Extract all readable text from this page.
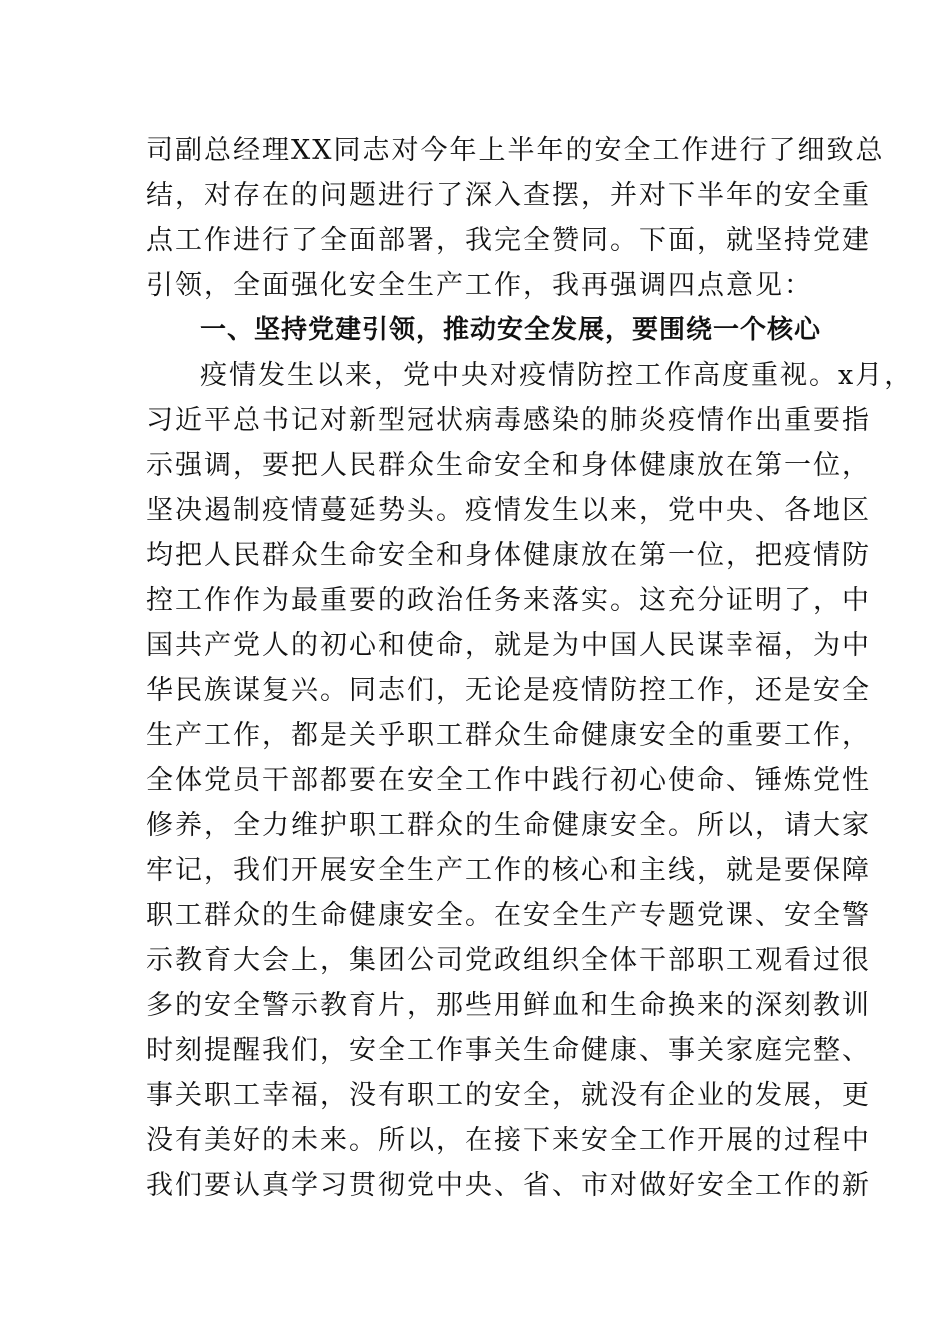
司副总经理XX同志对今年上半年的安全工作进行了细致总
结，对存在的问题进行了深入查摆，并对下半年的安全重
点工作进行了全面部署，我完全赞同。下面，就坚持党建
引领，全面强化安全生产工作，我再强调四点意见：
一、坚持党建引领，推动安全发展，要围绕一个核心
疫情发生以来，党中央对疫情防控工作高度重视。x月，
习近平总书记对新型冠状病毒感染的肺炎疫情作出重要指
示强调，要把人民群众生命安全和身体健康放在第一位，
坚决遏制疫情蔓延势头。疫情发生以来，党中央、各地区
均把人民群众生命安全和身体健康放在第一位，把疫情防
控工作作为最重要的政治任务来落实。这充分证明了，中
国共产党人的初心和使命，就是为中国人民谋幸福，为中
华民族谋复兴。同志们，无论是疫情防控工作，还是安全
生产工作，都是关乎职工群众生命健康安全的重要工作，
全体党员干部都要在安全工作中践行初心使命、锤炼党性
修养，全力维护职工群众的生命健康安全。所以，请大家
牢记，我们开展安全生产工作的核心和主线，就是要保障
职工群众的生命健康安全。在安全生产专题党课、安全警
示教育大会上，集团公司党政组织全体干部职工观看过很
多的安全警示教育片，那些用鲜血和生命换来的深刻教训
时刻提醒我们，安全工作事关生命健康、事关家庭完整、
事关职工幸福，没有职工的安全，就没有企业的发展，更
没有美好的未来。所以，在接下来安全工作开展的过程中
我们要认真学习贯彻党中央、省、市对做好安全工作的新
